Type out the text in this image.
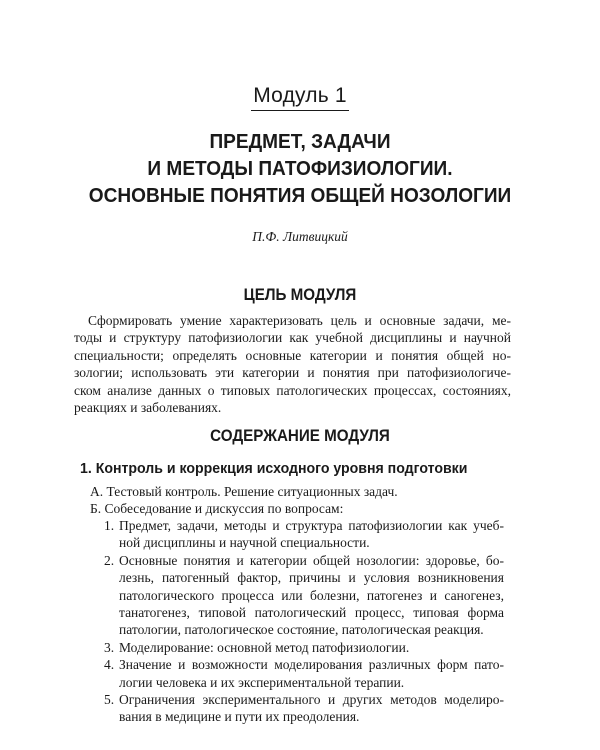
Модуль 1
ПРЕДМЕТ, ЗАДАЧИ
И МЕТОДЫ ПАТОФИЗИОЛОГИИ.
ОСНОВНЫЕ ПОНЯТИЯ ОБЩЕЙ НОЗОЛОГИИ
П.Ф. Литвицкий
ЦЕЛЬ МОДУЛЯ
Сформировать умение характеризовать цель и основные задачи, ме-
тоды и структуру патофизиологии как учебной дисциплины и научной
специальности; определять основные категории и понятия общей но-
зологии; использовать эти категории и понятия при патофизиологиче-
ском анализе данных о типовых патологических процессах, состояниях,
реакциях и заболеваниях.
СОДЕРЖАНИЕ МОДУЛЯ
1. Контроль и коррекция исходного уровня подготовки
А. Тестовый контроль. Решение ситуационных задач.
Б. Собеседование и дискуссия по вопросам:
1. Предмет, задачи, методы и структура патофизиологии как учеб-
ной дисциплины и научной специальности.
2. Основные понятия и категории общей нозологии: здоровье, бо-
лезнь, патогенный фактор, причины и условия возникновения
патологического процесса или болезни, патогенез и саногенез,
танатогенез, типовой патологический процесс, типовая форма
патологии, патологическое состояние, патологическая реакция.
3. Моделирование: основной метод патофизиологии.
4. Значение и возможности моделирования различных форм пато-
логии человека и их экспериментальной терапии.
5. Ограничения экспериментального и других методов моделиро-
вания в медицине и пути их преодоления.
